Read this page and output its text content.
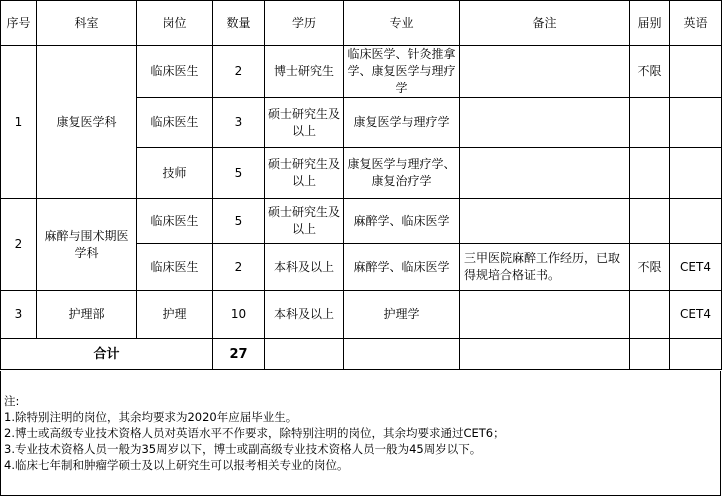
序号	科室	岗位	数量	学历	专业	备注	届别	英语
1	康复医学科	临床医生	2	博士研究生	临床医学、针灸推拿学、康复医学与理疗学		不限	
		临床医生	3	硕士研究生及以上	康复医学与理疗学			
		技师	5	硕士研究生及以上	康复医学与理疗学、康复治疗学			
2	麻醉与围术期医学科	临床医生	5	硕士研究生及以上	麻醉学、临床医学			
		临床医生	2	本科及以上	麻醉学、临床医学	三甲医院麻醉工作经历，已取得规培合格证书。	不限	CET4
3	护理部	护理	10	本科及以上	护理学			CET4
合计			27					
注:
1.除特别注明的岗位，其余均要求为2020年应届毕业生。
2.博士或高级专业技术资格人员对英语水平不作要求，除特别注明的岗位，其余均要求通过CET6；
3.专业技术资格人员一般为35周岁以下，博士或副高级专业技术资格人员一般为45周岁以下。
4.临床七年制和肿瘤学硕士及以上研究生可以报考相关专业的岗位。
